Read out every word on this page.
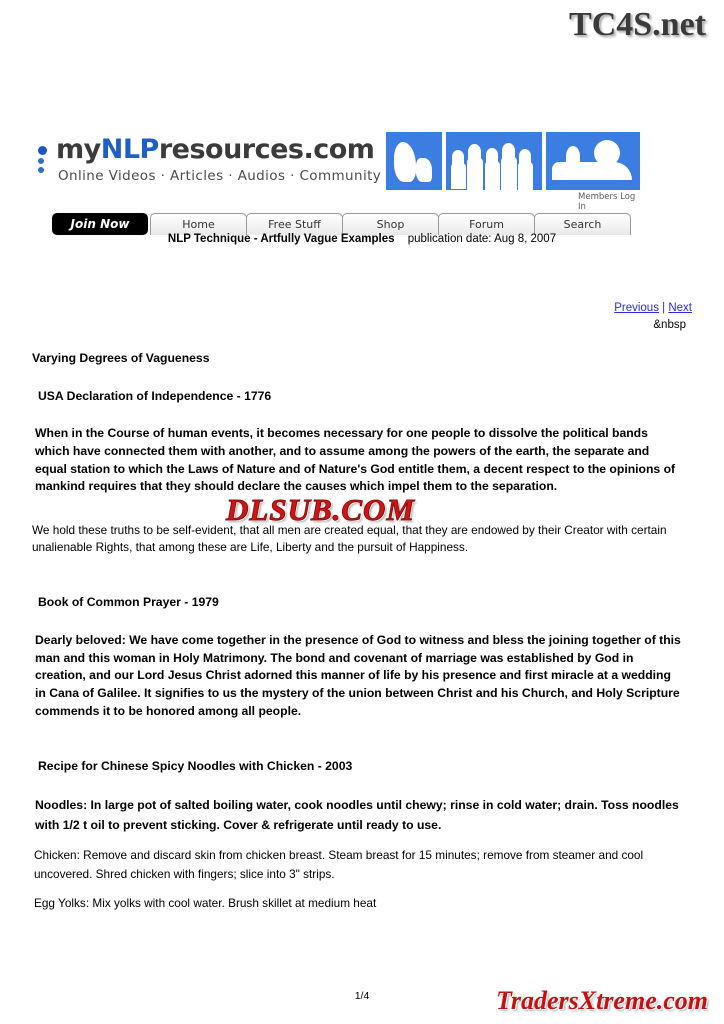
TC4S.net
myNLPresources.com
Online Videos · Articles · Audios · Community
Members Log In
Join Now	Home	Free Stuff	Shop	Forum	Search
NLP Technique - Artfully Vague Examples publication date: Aug 8, 2007
Previous | Next
&nbsp

Varying Degrees of Vagueness

USA Declaration of Independence - 1776

When in the Course of human events, it becomes necessary for one people to dissolve the political bands which have connected them with another, and to assume among the powers of the earth, the separate and equal station to which the Laws of Nature and of Nature's God entitle them, a decent respect to the opinions of mankind requires that they should declare the causes which impel them to the separation.

We hold these truths to be self-evident, that all men are created equal, that they are endowed by their Creator with certain unalienable Rights, that among these are Life, Liberty and the pursuit of Happiness.

Book of Common Prayer - 1979

Dearly beloved: We have come together in the presence of God to witness and bless the joining together of this man and this woman in Holy Matrimony. The bond and covenant of marriage was established by God in creation, and our Lord Jesus Christ adorned this manner of life by his presence and first miracle at a wedding in Cana of Galilee. It signifies to us the mystery of the union between Christ and his Church, and Holy Scripture commends it to be honored among all people.

Recipe for Chinese Spicy Noodles with Chicken - 2003

Noodles: In large pot of salted boiling water, cook noodles until chewy; rinse in cold water; drain. Toss noodles with 1/2 t oil to prevent sticking. Cover & refrigerate until ready to use.

Chicken: Remove and discard skin from chicken breast. Steam breast for 15 minutes; remove from steamer and cool uncovered. Shred chicken with fingers; slice into 3" strips.

Egg Yolks: Mix yolks with cool water. Brush skillet at medium heat

DLSUB.COM
1/4	TradersXtreme.com
